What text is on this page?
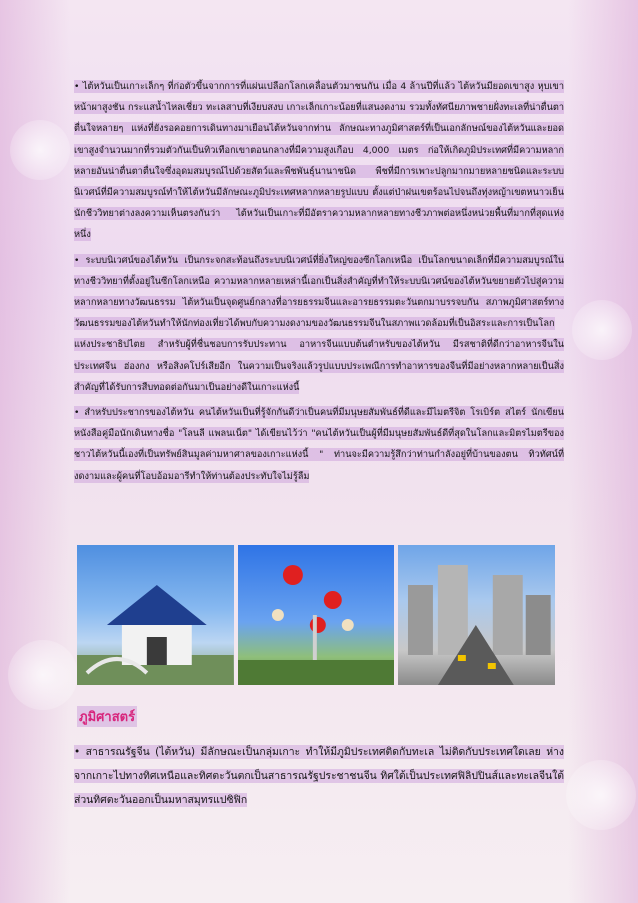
• ไต้หวันเป็นเกาะเล็กๆ ที่ก่อตัวขึ้นจากการที่แผ่นเปลือกโลกเคลื่อนตัวมาชนกัน เมื่อ 4 ล้านปีที่แล้ว ไต้หวันมียอดเขาสูง หุบเขา หน้าผาสูงชัน กระแสน้ำไหลเชี่ยว ทะเลสาบที่เงียบสงบ เกาะเล็กเกาะน้อยที่แสนงดงาม รวมทั้งทัศนียภาพชายฝั่งทะเลที่น่าตื่นตาตื่นใจหลายๆ แห่งที่ยังรอคอยการเดินทางมาเยือนไต้หวันจากท่าน ลักษณะทางภูมิศาสตร์ที่เป็นเอกลักษณ์ของไต้หวันและยอดเขาสูงจำนวนมากที่รวมตัวกันเป็นทิวเทือกเขาตอนกลางที่มีความสูงเกือบ 4,000 เมตร ก่อให้เกิดภูมิประเทศที่มีความหลากหลายอันน่าตื่นตาตื่นใจซึ่งอุดมสมบูรณ์ไปด้วยสัตว์และพืชพันธุ์นานาชนิด พืชที่มีการเพาะปลูกมากมายหลายชนิดและระบบนิเวศน์ที่มีความสมบูรณ์ทำให้ไต้หวันมีลักษณะภูมิประเทศหลากหลายรูปแบบ ตั้งแต่ป่าฝนเขตร้อนไปจนถึงทุ่งหญ้าเขตหนาวเย็น นักชีววิทยาต่างลงความเห็นตรงกันว่า ไต้หวันเป็นเกาะที่มีอัตราความหลากหลายทางชีวภาพต่อหนึ่งหน่วยพื้นที่มากที่สุดแห่งหนึ่ง

• ระบบนิเวศน์ของไต้หวัน เป็นกระจกสะท้อนถึงระบบนิเวศน์ที่ยิ่งใหญ่ของซีกโลกเหนือ เป็นโลกขนาดเล็กที่มีความสมบูรณ์ในทางชีววิทยาที่ตั้งอยู่ในซีกโลกเหนือ ความหลากหลายเหล่านี้เอกเป็นสิ่งสำคัญที่ทำให้ระบบนิเวศน์ของไต้หวันขยายตัวไปสู่ความหลากหลายทางวัฒนธรรม ไต้หวันเป็นจุดศูนย์กลางที่อารยธรรมจีนและอารยธรรมตะวันตกมาบรรจบกัน สภาพภูมิศาสตร์ทางวัฒนธรรมของไต้หวันทำให้นักท่องเที่ยวได้พบกับความงดงามของวัฒนธรรมจีนในสภาพแวดล้อมที่เป็นอิสระและการเป็นโลกแห่งประชาธิปไตย สำหรับผู้ที่ชื่นชอบการรับประทาน อาหารจีนแบบต้นตำหรับของไต้หวัน มีรสชาติที่ดีกว่าอาหารจีนในประเทศจีน ฮ่องกง หรือสิงคโปร์เสียอีก ในความเป็นจริงแล้วรูปแบบประเพณีการทำอาหารของจีนที่มีอย่างหลากหลายเป็นสิ่งสำคัญที่ได้รับการสืบทอดต่อกันมาเป็นอย่างดีในเกาะแห่งนี้

• สำหรับประชากรของไต้หวัน คนไต้หวันเป็นที่รู้จักกันดีว่าเป็นคนที่มีมนุษยสัมพันธ์ที่ดีและมีไมตรีจิต โรเบิร์ต สไตร์ นักเขียนหนังสือคู่มือนักเดินทางชื่อ "โลนลี แพลนเน็ต" ได้เขียนไว้ว่า "คนไต้หวันเป็นผู้ที่มีมนุษยสัมพันธ์ดีที่สุดในโลกและมิตรไมตรีของชาวไต้หวันนี้เองที่เป็นทรัพย์สินมูลค่ามหาศาลของเกาะแห่งนี้ " ท่านจะมีความรู้สึกว่าท่านกำลังอยู่ที่บ้านของตน ทิวทัศน์ที่งดงามและผู้คนที่โอบอ้อมอารีทำให้ท่านต้องประทับใจไม่รู้ลืม

ภูมิศาสตร์

• สาธารณรัฐจีน (ไต้หวัน) มีลักษณะเป็นกลุ่มเกาะ ทำให้มีภูมิประเทศติดกับทะเล ไม่ติดกับประเทศใดเลย ห่างจากเกาะไปทางทิศเหนือและทิศตะวันตกเป็นสาธารณรัฐประชาชนจีน ทิศใต้เป็นประเทศฟิลิปปินส์และทะเลจีนใต้ ส่วนทิศตะวันออกเป็นมหาสมุทรแปซิฟิก
